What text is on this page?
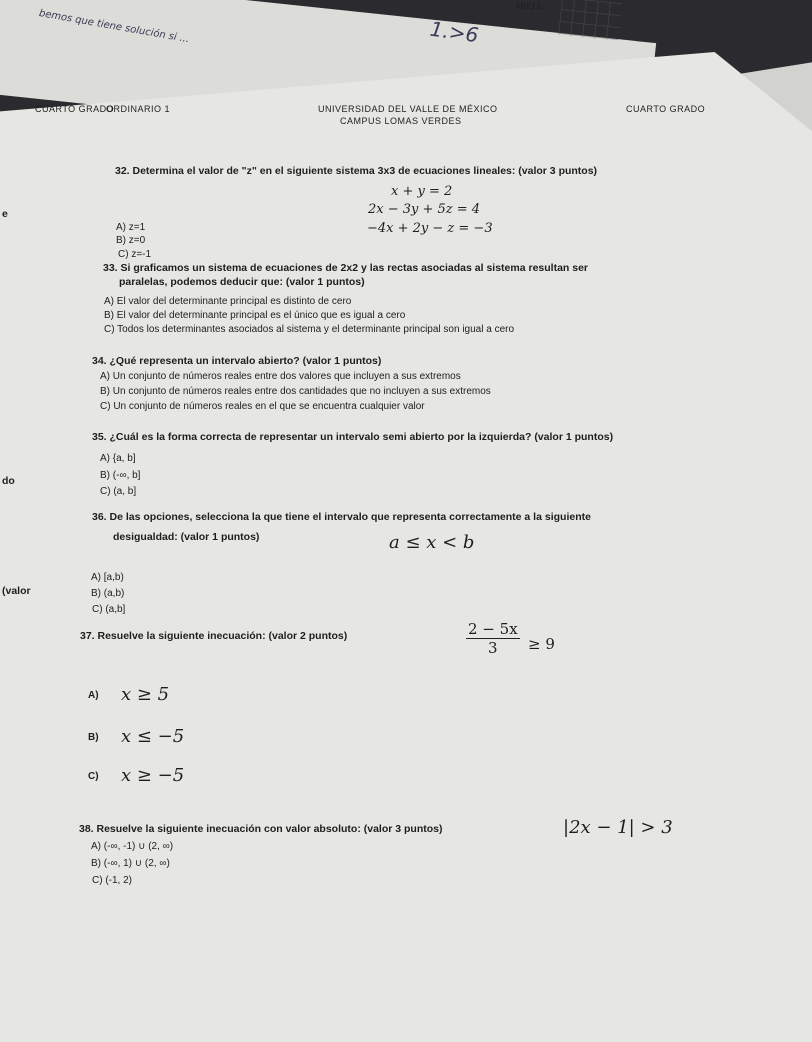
bemos que tiene solución si ...
ARIO 1
1.>6
CUARTO GRADO
ORDINARIO 1	UNIVERSIDAD DEL VALLE DE MÉXICO
CAMPUS LOMAS VERDES
CUARTO GRADO
e
do
(valor
32. Determina el valor de "z" en el siguiente sistema 3x3 de ecuaciones lineales: (valor 3 puntos)
x + y = 2
2x − 3y + 5z = 4
−4x + 2y − z = −3
A) z=1
B) z=0
C) z=-1
33. Si graficamos un sistema de ecuaciones de 2x2 y las rectas asociadas al sistema resultan ser
paralelas, podemos deducir que: (valor 1 puntos)
A) El valor del determinante principal es distinto de cero
B) El valor del determinante principal es el único que es igual a cero
C) Todos los determinantes asociados al sistema y el determinante principal son igual a cero
34. ¿Qué representa un intervalo abierto? (valor 1 puntos)
A) Un conjunto de números reales entre dos valores que incluyen a sus extremos
B) Un conjunto de números reales entre dos cantidades que no incluyen a sus extremos
C) Un conjunto de números reales en el que se encuentra cualquier valor
35. ¿Cuál es la forma correcta de representar un intervalo semi abierto por la izquierda? (valor 1 puntos)
A) {a, b]
B) (-∞, b]
C) (a, b]
36. De las opciones, selecciona la que tiene el intervalo que representa correctamente a la siguiente
desigualdad: (valor 1 puntos)	a ≤ x < b
A) [a,b)
B) (a,b)
C) (a,b]
37. Resuelve la siguiente inecuación: (valor 2 puntos)	$\frac{2 - 5x}{3} \ge 9$
A) x ≥ 5
B) x ≤ −5
C) x ≥ −5
38. Resuelve la siguiente inecuación con valor absoluto: (valor 3 puntos)	|2x − 1| > 3
A) (-∞, -1) ∪ (2, ∞)
B) (-∞, 1) ∪ (2, ∞)
C) (-1, 2)
